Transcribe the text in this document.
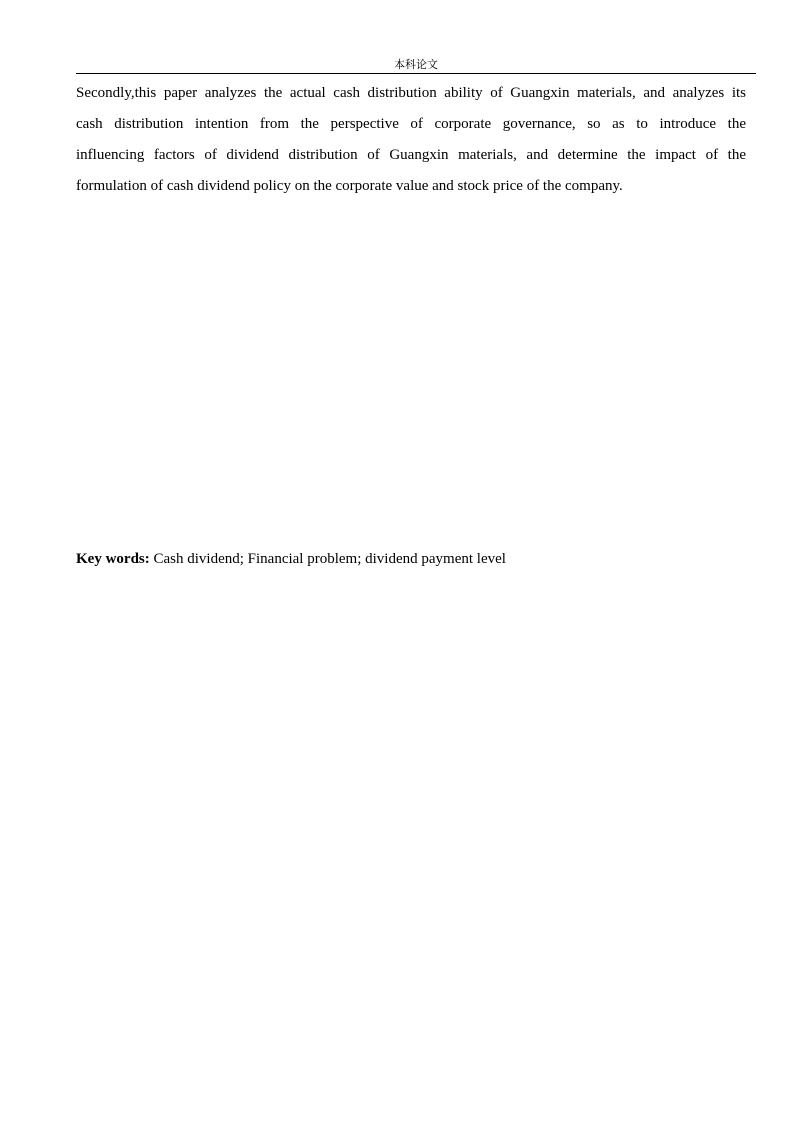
本科论文

Secondly,this paper analyzes the actual cash distribution ability of Guangxin materials, and analyzes its
cash distribution intention from the perspective of corporate governance, so as to introduce the
influencing factors of dividend distribution of Guangxin materials, and determine the impact of the
formulation of cash dividend policy on the corporate value and stock price of the company.

Key words: Cash dividend; Financial problem; dividend payment level
